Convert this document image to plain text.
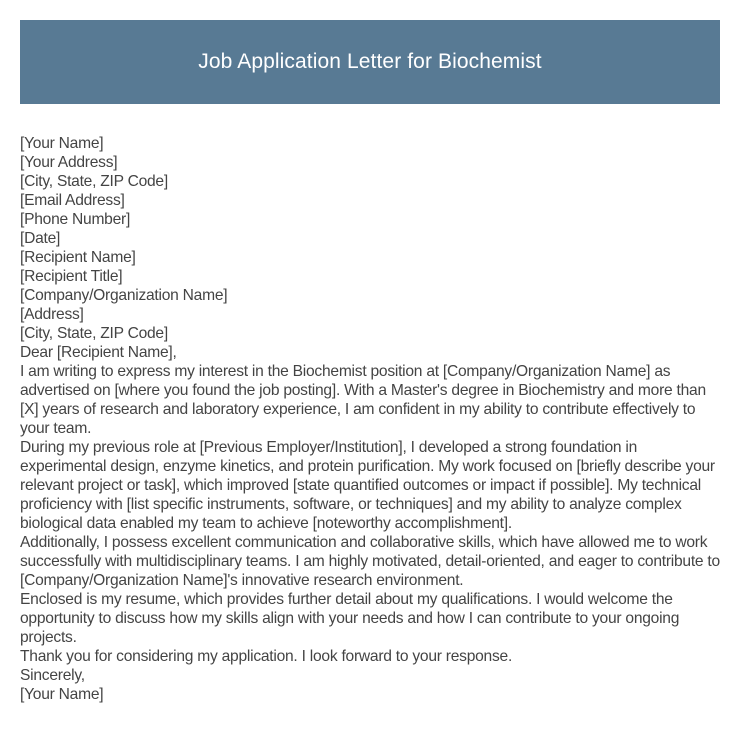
Job Application Letter for Biochemist

[Your Name]

[Your Address]

[City, State, ZIP Code]

[Email Address]

[Phone Number]

[Date]

[Recipient Name]

[Recipient Title]

[Company/Organization Name]

[Address]

[City, State, ZIP Code]

Dear [Recipient Name],

I am writing to express my interest in the Biochemist position at [Company/Organization Name] as advertised on [where you found the job posting]. With a Master's degree in Biochemistry and more than [X] years of research and laboratory experience, I am confident in my ability to contribute effectively to your team.

During my previous role at [Previous Employer/Institution], I developed a strong foundation in experimental design, enzyme kinetics, and protein purification. My work focused on [briefly describe your relevant project or task], which improved [state quantified outcomes or impact if possible]. My technical proficiency with [list specific instruments, software, or techniques] and my ability to analyze complex biological data enabled my team to achieve [noteworthy accomplishment].

Additionally, I possess excellent communication and collaborative skills, which have allowed me to work successfully with multidisciplinary teams. I am highly motivated, detail-oriented, and eager to contribute to [Company/Organization Name]'s innovative research environment.

Enclosed is my resume, which provides further detail about my qualifications. I would welcome the opportunity to discuss how my skills align with your needs and how I can contribute to your ongoing projects.

Thank you for considering my application. I look forward to your response.

Sincerely,

[Your Name]
